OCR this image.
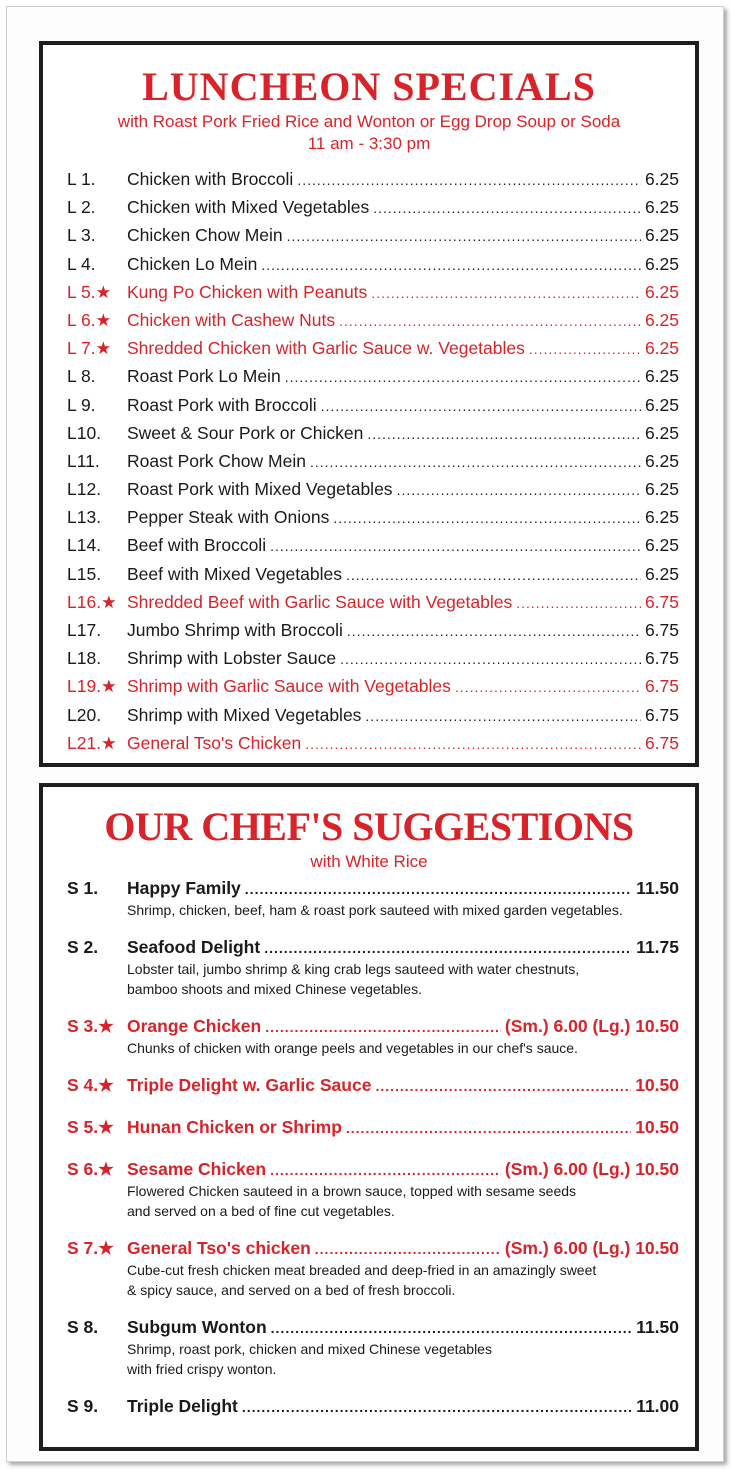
LUNCHEON SPECIALS
with Roast Pork Fried Rice and Wonton or Egg Drop Soup or Soda
11 am - 3:30 pm
L 1.	Chicken with Broccoli .....	6.25
L 2.	Chicken with Mixed Vegetables .....	6.25
L 3.	Chicken Chow Mein .....	6.25
L 4.	Chicken Lo Mein .....	6.25
L 5.★ Kung Po Chicken with Peanuts .....	6.25
L 6.★ Chicken with Cashew Nuts .....	6.25
L 7.★ Shredded Chicken with Garlic Sauce w. Vegetables .....	6.25
L 8.	Roast Pork Lo Mein .....	6.25
L 9.	Roast Pork with Broccoli .....	6.25
L10.	Sweet & Sour Pork or Chicken .....	6.25
L11.	Roast Pork Chow Mein .....	6.25
L12.	Roast Pork with Mixed Vegetables .....	6.25
L13.	Pepper Steak with Onions .....	6.25
L14.	Beef with Broccoli .....	6.25
L15.	Beef with Mixed Vegetables .....	6.25
L16.★ Shredded Beef with Garlic Sauce with Vegetables .....	6.75
L17.	Jumbo Shrimp with Broccoli .....	6.75
L18.	Shrimp with Lobster Sauce .....	6.75
L19.★ Shrimp with Garlic Sauce with Vegetables .....	6.75
L20.	Shrimp with Mixed Vegetables .....	6.75
L21.★ General Tso's Chicken .....	6.75
OUR CHEF'S SUGGESTIONS
with White Rice
S 1.	Happy Family .....	11.50
Shrimp, chicken, beef, ham & roast pork sauteed with mixed garden vegetables.
S 2.	Seafood Delight .....	11.75
Lobster tail, jumbo shrimp & king crab legs sauteed with water chestnuts,
bamboo shoots and mixed Chinese vegetables.
S 3.★ Orange Chicken .....	(Sm.) 6.00 (Lg.) 10.50
Chunks of chicken with orange peels and vegetables in our chef's sauce.
S 4.★ Triple Delight w. Garlic Sauce .....	10.50
S 5.★ Hunan Chicken or Shrimp .....	10.50
S 6.★ Sesame Chicken .....	(Sm.) 6.00 (Lg.) 10.50
Flowered Chicken sauteed in a brown sauce, topped with sesame seeds
and served on a bed of fine cut vegetables.
S 7.★ General Tso's chicken .....	(Sm.) 6.00 (Lg.) 10.50
Cube-cut fresh chicken meat breaded and deep-fried in an amazingly sweet
& spicy sauce, and served on a bed of fresh broccoli.
S 8.	Subgum Wonton .....	11.50
Shrimp, roast pork, chicken and mixed Chinese vegetables
with fried crispy wonton.
S 9.	Triple Delight .....	11.00
